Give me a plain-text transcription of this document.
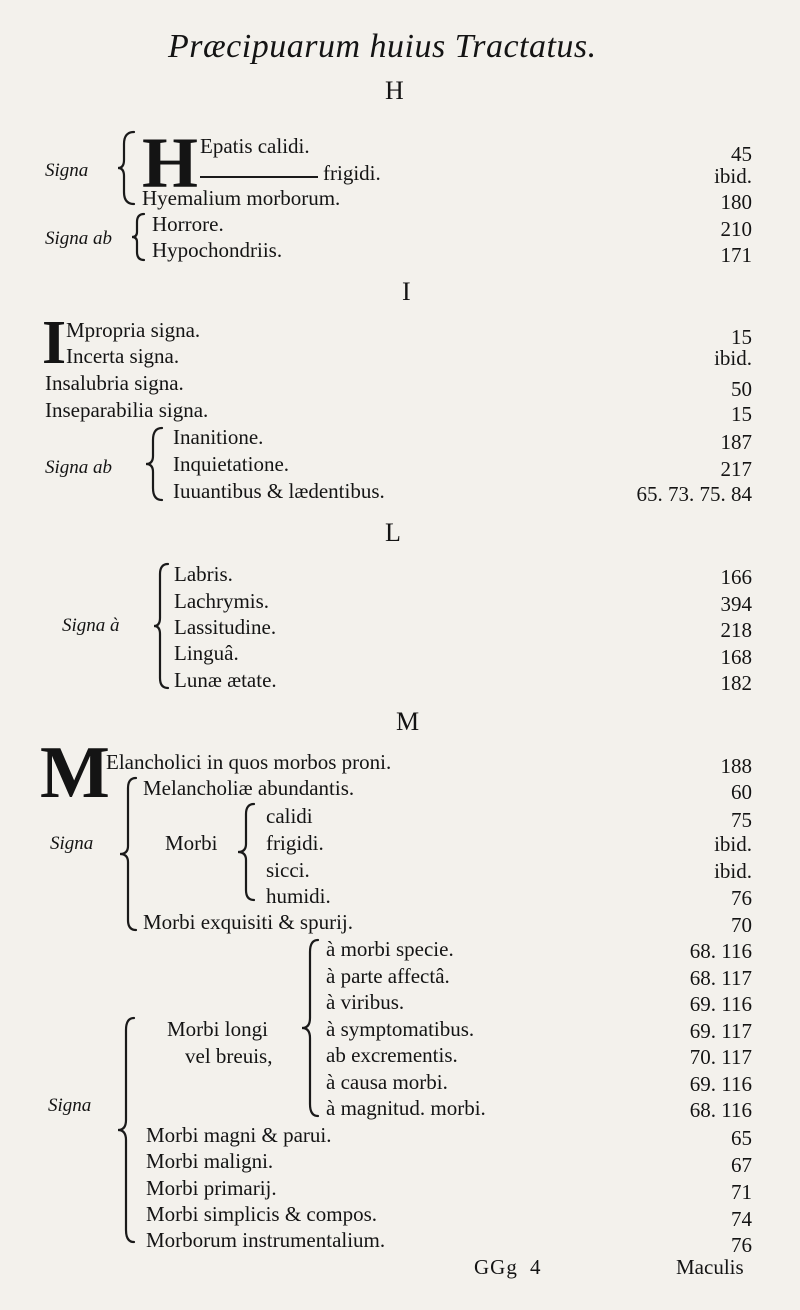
Præcipuarum huius Tractatus.
H
Signa H Epatis calidi.	45
frigidi.	ibid.
Hyemalium morborum.	180
Signa ab
Horrore.	210
Hypochondriis.	171
I
I Mpropria signa.	15
Incerta signa.	ibid.
Insalubria signa.	50
Inseparabilia signa.	15
Signa ab
Inanitione.	187
Inquietatione.	217
Iuuantibus & lædentibus.	65. 73. 75. 84
L
Signa à
Labris.	166
Lachrymis.	394
Lassitudine.	218
Linguâ.	168
Lunæ ætate.	182
M
M
Elancholici in quos morbos proni.	188
Signa
Melancholiæ abundantis.	60
Morbi
calidi	75
frigidi.	ibid.
sicci.	ibid.
humidi.	76
Morbi exquisiti & spurij.	70
Signa
Morbi longi
vel breuis,
à morbi specie.	68. 116
à parte affectâ.	68. 117
à viribus.	69. 116
à symptomatibus.	69. 117
ab excrementis.	70. 117
à causa morbi.	69. 116
à magnitud. morbi.	68. 116
Morbi magni & parui.	65
Morbi maligni.	67
Morbi primarij.	71
Morbi simplicis & compos.	74
Morborum instrumentalium.	76
GGg 4	Maculis
